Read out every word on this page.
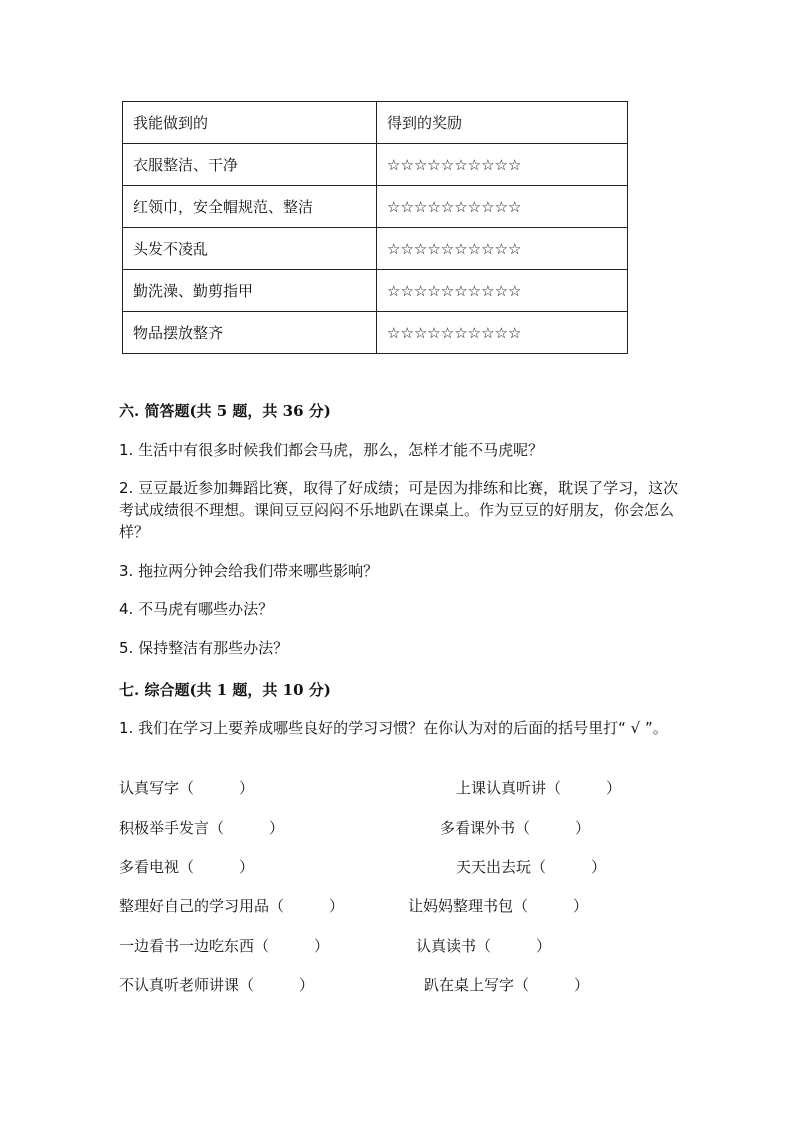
我能做到的	得到的奖励
衣服整洁、干净	☆☆☆☆☆☆☆☆☆☆
红领巾，安全帽规范、整洁	☆☆☆☆☆☆☆☆☆☆
头发不凌乱	☆☆☆☆☆☆☆☆☆☆
勤洗澡、勤剪指甲	☆☆☆☆☆☆☆☆☆☆
物品摆放整齐	☆☆☆☆☆☆☆☆☆☆
六. 简答题(共 5 题，共 36 分)
1. 生活中有很多时候我们都会马虎，那么，怎样才能不马虎呢？
2. 豆豆最近参加舞蹈比赛，取得了好成绩；可是因为排练和比赛，耽误了学习，这次考试成绩很不理想。课间豆豆闷闷不乐地趴在课桌上。作为豆豆的好朋友，你会怎么样？
3. 拖拉两分钟会给我们带来哪些影响？
4. 不马虎有哪些办法？
5. 保持整洁有那些办法？
七. 综合题(共 1 题，共 10 分)
1. 我们在学习上要养成哪些良好的学习习惯？在你认为对的后面的括号里打“ √ ”。
认真写字（　　　）	上课认真听讲（　　　）
积极举手发言（　　　）	多看课外书（　　　）
多看电视（　　　）	天天出去玩（　　　）
整理好自己的学习用品（　　　）	让妈妈整理书包（　　　）
一边看书一边吃东西（　　　）	认真读书（　　　）
不认真听老师讲课（　　　）	趴在桌上写字（　　　）
